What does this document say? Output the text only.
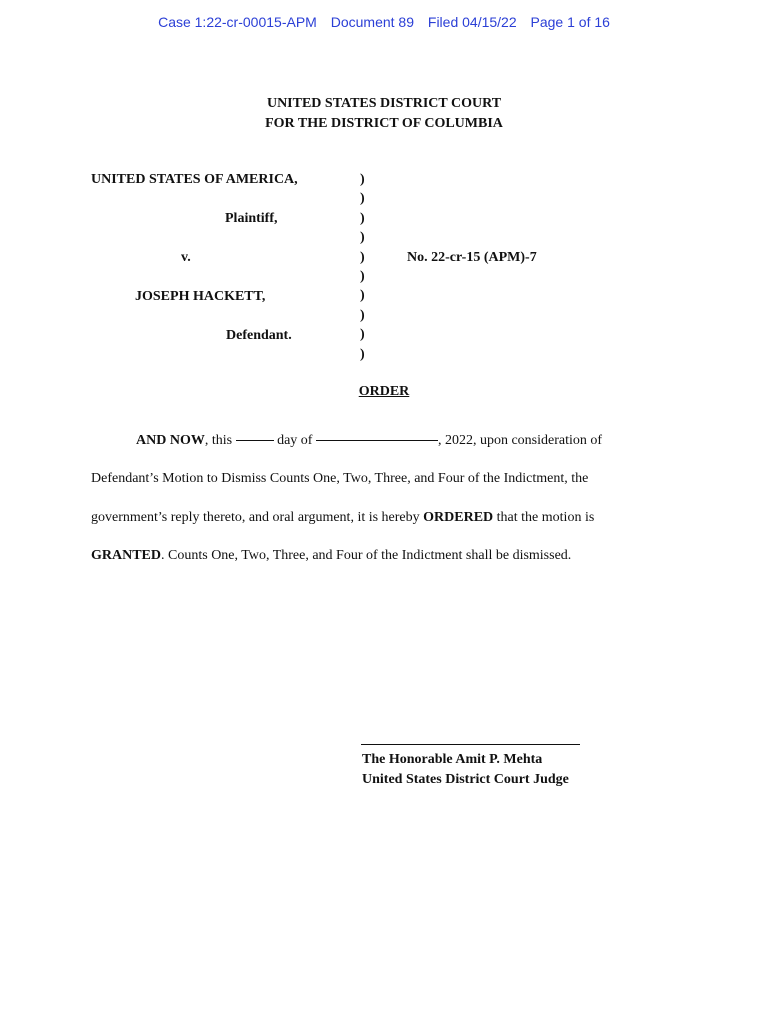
Case 1:22-cr-00015-APM Document 89 Filed 04/15/22 Page 1 of 16
UNITED STATES DISTRICT COURT
FOR THE DISTRICT OF COLUMBIA
UNITED STATES OF AMERICA,
Plaintiff,
v.
JOSEPH HACKETT,
Defendant.
No. 22-cr-15 (APM)-7
)
)
)
)
)
)
)
)
)
)
ORDER

AND NOW, this	day of	, 2022, upon consideration of Defendant’s Motion to Dismiss Counts One, Two, Three, and Four of the Indictment, the government’s reply thereto, and oral argument, it is hereby ORDERED that the motion is GRANTED. Counts One, Two, Three, and Four of the Indictment shall be dismissed.

The Honorable Amit P. Mehta
United States District Court Judge
